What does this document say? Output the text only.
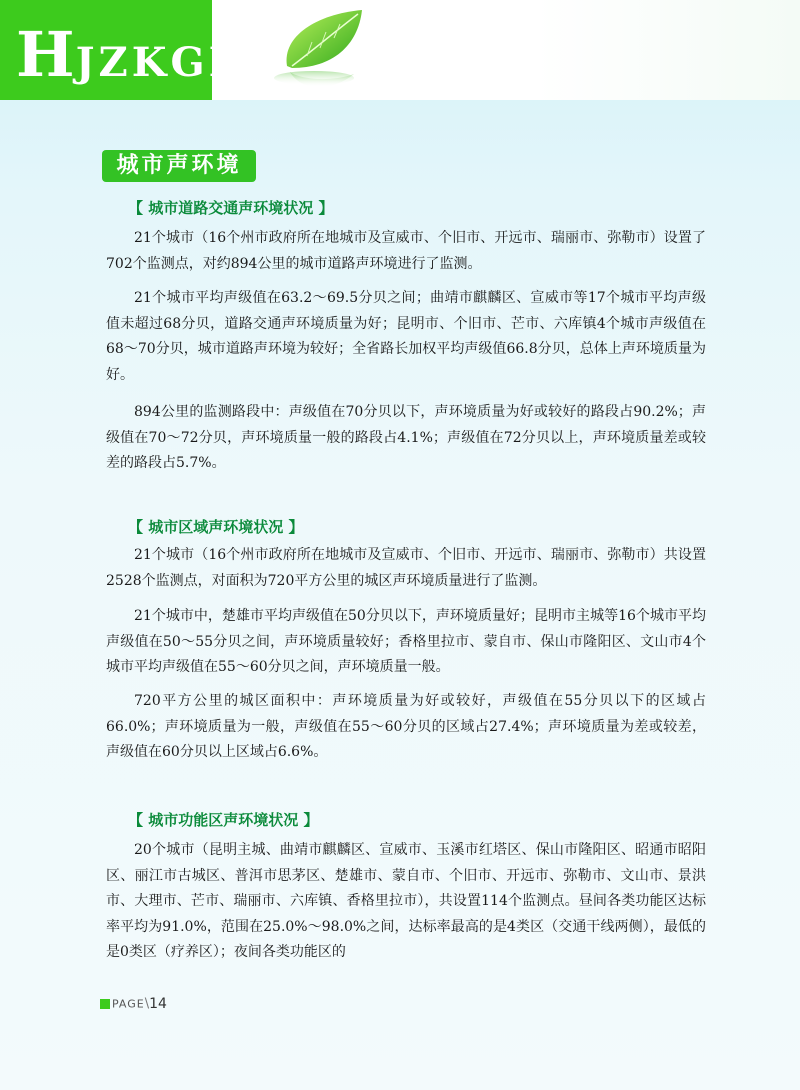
HJZKGB
城市声环境
【 城市道路交通声环境状况 】

21个城市（16个州市政府所在地城市及宣威市、个旧市、开远市、瑞丽市、弥勒市）设置了702个监测点，对约894公里的城市道路声环境进行了监测。

21个城市平均声级值在63.2～69.5分贝之间；曲靖市麒麟区、宣威市等17个城市平均声级值未超过68分贝，道路交通声环境质量为好；昆明市、个旧市、芒市、六库镇4个城市声级值在68～70分贝，城市道路声环境为较好；全省路长加权平均声级值66.8分贝，总体上声环境质量为好。

894公里的监测路段中：声级值在70分贝以下，声环境质量为好或较好的路段占90.2%；声级值在70～72分贝，声环境质量一般的路段占4.1%；声级值在72分贝以上，声环境质量差或较差的路段占5.7%。

【 城市区域声环境状况 】

21个城市（16个州市政府所在地城市及宣威市、个旧市、开远市、瑞丽市、弥勒市）共设置2528个监测点，对面积为720平方公里的城区声环境质量进行了监测。

21个城市中，楚雄市平均声级值在50分贝以下，声环境质量好；昆明市主城等16个城市平均声级值在50～55分贝之间，声环境质量较好；香格里拉市、蒙自市、保山市隆阳区、文山市4个城市平均声级值在55～60分贝之间，声环境质量一般。

720平方公里的城区面积中：声环境质量为好或较好，声级值在55分贝以下的区域占66.0%；声环境质量为一般，声级值在55～60分贝的区域占27.4%；声环境质量为差或较差，声级值在60分贝以上区域占6.6%。

【 城市功能区声环境状况 】

20个城市（昆明主城、曲靖市麒麟区、宣威市、玉溪市红塔区、保山市隆阳区、昭通市昭阳区、丽江市古城区、普洱市思茅区、楚雄市、蒙自市、个旧市、开远市、弥勒市、文山市、景洪市、大理市、芒市、瑞丽市、六库镇、香格里拉市），共设置114个监测点。昼间各类功能区达标率平均为91.0%，范围在25.0%～98.0%之间，达标率最高的是4类区（交通干线两侧），最低的是0类区（疗养区）；夜间各类功能区的

PAGE\14
